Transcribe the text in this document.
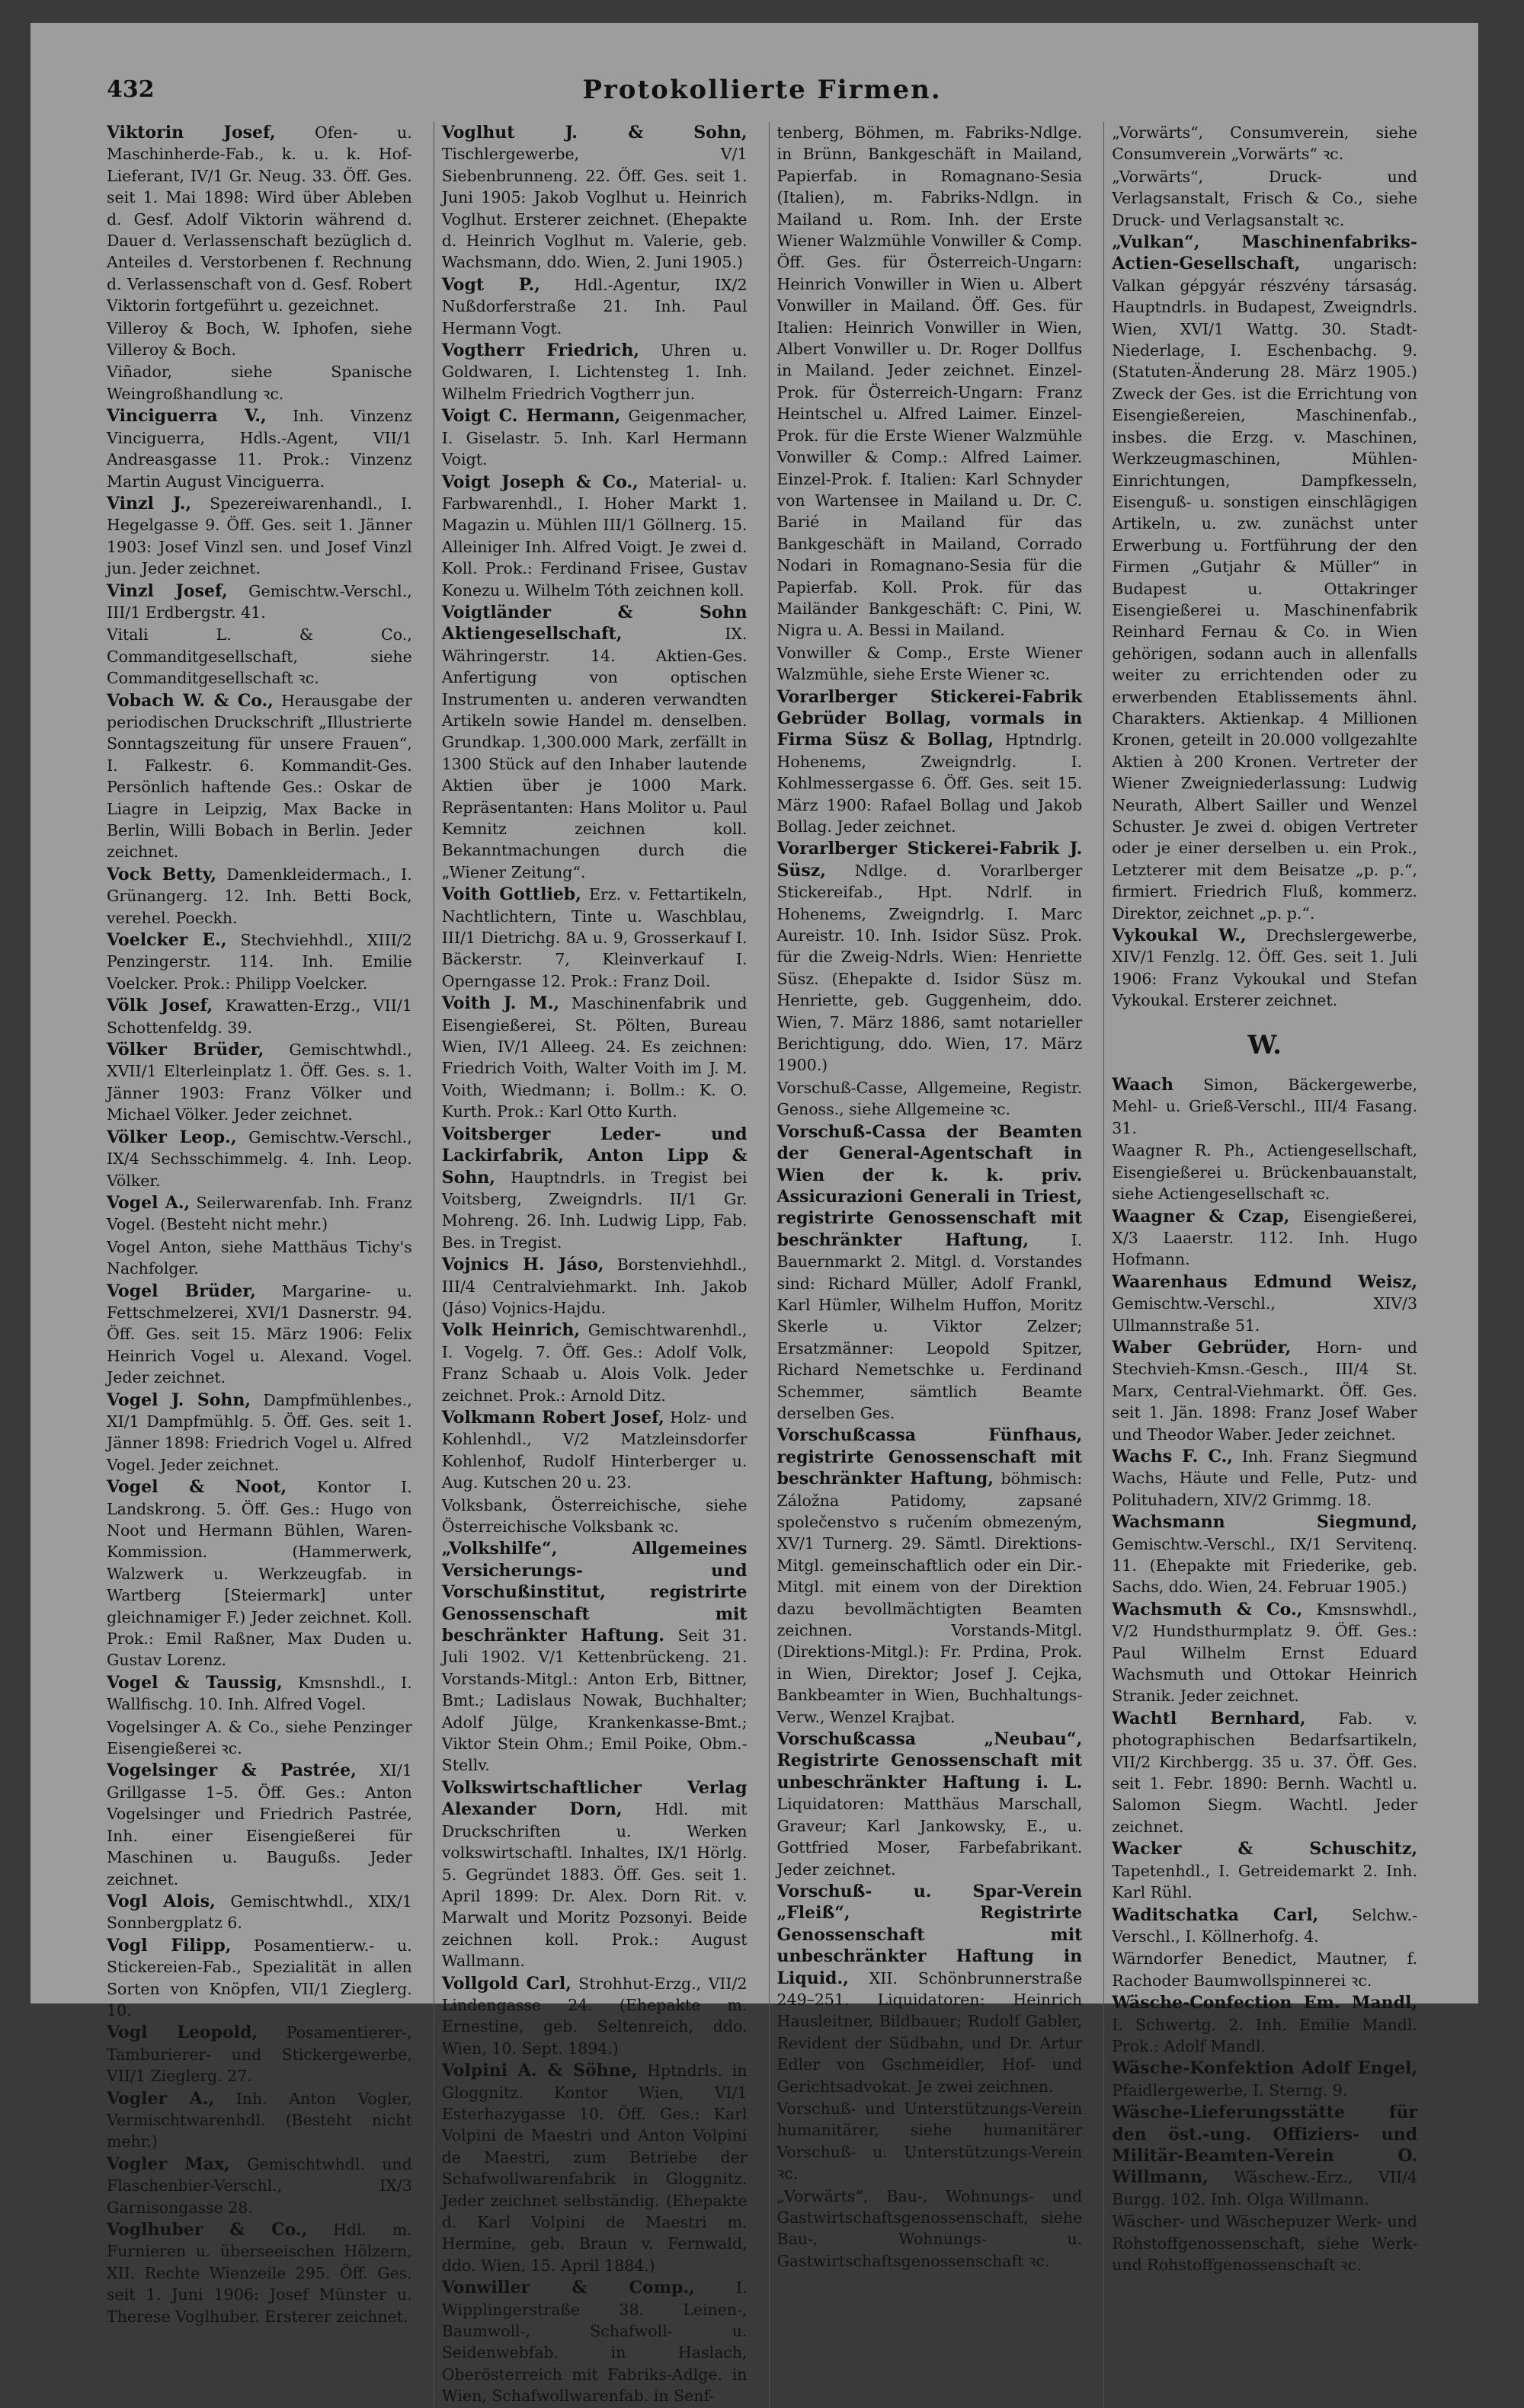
432	Protokollierte Firmen.

Viktorin Josef, Ofen- u. Maschinherde-Fab., k. u. k. Hof-Lieferant, IV/1 Gr. Neug. 33. Öff. Ges. seit 1. Mai 1898: Wird über Ableben d. Gesf. Adolf Viktorin während d. Dauer d. Verlassenschaft bezüglich d. Anteiles d. Verstorbenen f. Rechnung d. Verlassenschaft von d. Gesf. Robert Viktorin fortgeführt u. gezeichnet.

Villeroy & Boch, W. Iphofen, siehe Villeroy & Boch.

Viñador, siehe Spanische Weingroßhandlung ꝛc.

Vinciguerra V., Inh. Vinzenz Vinciguerra, Hdls.-Agent, VII/1 Andreasgasse 11. Prok.: Vinzenz Martin August Vinciguerra.

Vinzl J., Spezereiwarenhandl., I. Hegelgasse 9. Öff. Ges. seit 1. Jänner 1903: Josef Vinzl sen. und Josef Vinzl jun. Jeder zeichnet.

Vinzl Josef, Gemischtw.-Verschl., III/1 Erdbergstr. 41.

Vitali L. & Co., Commanditgesellschaft, siehe Commanditgesellschaft ꝛc.

Vobach W. & Co., Herausgabe der periodischen Druckschrift „Illustrierte Sonntagszeitung für unsere Frauen“, I. Falkestr. 6. Kommandit-Ges. Persönlich haftende Ges.: Oskar de Liagre in Leipzig, Max Backe in Berlin, Willi Bobach in Berlin. Jeder zeichnet.

Vock Betty, Damenkleidermach., I. Grünangerg. 12. Inh. Betti Bock, verehel. Poeckh.

Voelcker E., Stechviehhdl., XIII/2 Penzingerstr. 114. Inh. Emilie Voelcker. Prok.: Philipp Voelcker.

Völk Josef, Krawatten-Erzg., VII/1 Schottenfeldg. 39.

Völker Brüder, Gemischtwhdl., XVII/1 Elterleinplatz 1. Öff. Ges. s. 1. Jänner 1903: Franz Völker und Michael Völker. Jeder zeichnet.

Völker Leop., Gemischtw.-Verschl., IX/4 Sechsschimmelg. 4. Inh. Leop. Völker.

Vogel A., Seilerwarenfab. Inh. Franz Vogel. (Besteht nicht mehr.)

Vogel Anton, siehe Matthäus Tichy's Nachfolger.

Vogel Brüder, Margarine- u. Fettschmelzerei, XVI/1 Dasnerstr. 94. Öff. Ges. seit 15. März 1906: Felix Heinrich Vogel u. Alexand. Vogel. Jeder zeichnet.

Vogel J. Sohn, Dampfmühlenbes., XI/1 Dampfmühlg. 5. Öff. Ges. seit 1. Jänner 1898: Friedrich Vogel u. Alfred Vogel. Jeder zeichnet.

Vogel & Noot, Kontor I. Landskrong. 5. Öff. Ges.: Hugo von Noot und Hermann Bühlen, Waren-Kommission. (Hammerwerk, Walzwerk u. Werkzeugfab. in Wartberg [Steiermark] unter gleichnamiger F.) Jeder zeichnet. Koll. Prok.: Emil Raßner, Max Duden u. Gustav Lorenz.

Vogel & Taussig, Kmsnshdl., I. Wallfischg. 10. Inh. Alfred Vogel.

Vogelsinger A. & Co., siehe Penzinger Eisengießerei ꝛc.

Vogelsinger & Pastrée, XI/1 Grillgasse 1–5. Öff. Ges.: Anton Vogelsinger und Friedrich Pastrée, Inh. einer Eisengießerei für Maschinen u. Baugußs. Jeder zeichnet.

Vogl Alois, Gemischtwhdl., XIX/1 Sonnbergplatz 6.

Vogl Filipp, Posamentierw.- u. Stickereien-Fab., Spezialität in allen Sorten von Knöpfen, VII/1 Zieglerg. 10.

Vogl Leopold, Posamentierer-, Tamburierer- und Stickergewerbe, VII/1 Zieglerg. 27.

Vogler A., Inh. Anton Vogler, Vermischtwarenhdl. (Besteht nicht mehr.)

Vogler Max, Gemischtwhdl. und Flaschenbier-Verschl., IX/3 Garnisongasse 28.

Voglhuber & Co., Hdl. m. Furnieren u. überseeischen Hölzern, XII. Rechte Wienzeile 295. Öff. Ges. seit 1. Juni 1906: Josef Münster u. Therese Voglhuber. Ersterer zeichnet.

Voglhut J. & Sohn, Tischlergewerbe, V/1 Siebenbrunneng. 22. Öff. Ges. seit 1. Juni 1905: Jakob Voglhut u. Heinrich Voglhut. Ersterer zeichnet. (Ehepakte d. Heinrich Voglhut m. Valerie, geb. Wachsmann, ddo. Wien, 2. Juni 1905.)

Vogt P., Hdl.-Agentur, IX/2 Nußdorferstraße 21. Inh. Paul Hermann Vogt.

Vogtherr Friedrich, Uhren u. Goldwaren, I. Lichtensteg 1. Inh. Wilhelm Friedrich Vogtherr jun.

Voigt C. Hermann, Geigenmacher, I. Giselastr. 5. Inh. Karl Hermann Voigt.

Voigt Joseph & Co., Material- u. Farbwarenhdl., I. Hoher Markt 1. Magazin u. Mühlen III/1 Göllnerg. 15. Alleiniger Inh. Alfred Voigt. Je zwei d. Koll. Prok.: Ferdinand Frisee, Gustav Konezu u. Wilhelm Tóth zeichnen koll.

Voigtländer & Sohn Aktiengesellschaft, IX. Währingerstr. 14. Aktien-Ges. Anfertigung von optischen Instrumenten u. anderen verwandten Artikeln sowie Handel m. denselben. Grundkap. 1,300.000 Mark, zerfällt in 1300 Stück auf den Inhaber lautende Aktien über je 1000 Mark. Repräsentanten: Hans Molitor u. Paul Kemnitz zeichnen koll. Bekanntmachungen durch die „Wiener Zeitung“.

Voith Gottlieb, Erz. v. Fettartikeln, Nachtlichtern, Tinte u. Waschblau, III/1 Dietrichg. 8A u. 9, Grosserkauf I. Bäckerstr. 7, Kleinverkauf I. Operngasse 12. Prok.: Franz Doil.

Voith J. M., Maschinenfabrik und Eisengießerei, St. Pölten, Bureau Wien, IV/1 Alleeg. 24. Es zeichnen: Friedrich Voith, Walter Voith im J. M. Voith, Wiedmann; i. Bollm.: K. O. Kurth. Prok.: Karl Otto Kurth.

Voitsberger Leder- und Lackirfabrik, Anton Lipp & Sohn, Hauptndrls. in Tregist bei Voitsberg, Zweigndrls. II/1 Gr. Mohreng. 26. Inh. Ludwig Lipp, Fab. Bes. in Tregist.

Vojnics H. Jáso, Borstenviehhdl., III/4 Centralviehmarkt. Inh. Jakob (Jáso) Vojnics-Hajdu.

Volk Heinrich, Gemischtwarenhdl., I. Vogelg. 7. Öff. Ges.: Adolf Volk, Franz Schaab u. Alois Volk. Jeder zeichnet. Prok.: Arnold Ditz.

Volkmann Robert Josef, Holz- und Kohlenhdl., V/2 Matzleinsdorfer Kohlenhof, Rudolf Hinterberger u. Aug. Kutschen 20 u. 23.

Volksbank, Österreichische, siehe Österreichische Volksbank ꝛc.

„Volkshilfe“, Allgemeines Versicherungs- und Vorschußinstitut, registrirte Genossenschaft mit beschränkter Haftung. Seit 31. Juli 1902. V/1 Kettenbrückeng. 21. Vorstands-Mitgl.: Anton Erb, Bittner, Bmt.; Ladislaus Nowak, Buchhalter; Adolf Jülge, Krankenkasse-Bmt.; Viktor Stein Ohm.; Emil Poike, Obm.-Stellv.

Volkswirtschaftlicher Verlag Alexander Dorn, Hdl. mit Druckschriften u. Werken volkswirtschaftl. Inhaltes, IX/1 Hörlg. 5. Gegründet 1883. Öff. Ges. seit 1. April 1899: Dr. Alex. Dorn Rit. v. Marwalt und Moritz Pozsonyi. Beide zeichnen koll. Prok.: August Wallmann.

Vollgold Carl, Strohhut-Erzg., VII/2 Lindengasse 24. (Ehepakte m. Ernestine, geb. Seltenreich, ddo. Wien, 10. Sept. 1894.)

Volpini A. & Söhne, Hptndrls. in Gloggnitz. Kontor Wien, VI/1 Esterhazygasse 10. Öff. Ges.: Karl Volpini de Maestri und Anton Volpini de Maestri, zum Betriebe der Schafwollwarenfabrik in Gloggnitz. Jeder zeichnet selbständig. (Ehepakte d. Karl Volpini de Maestri m. Hermine, geb. Braun v. Fernwald, ddo. Wien, 15. April 1884.)

Vonwiller & Comp., I. Wipplingerstraße 38. Leinen-, Baumwoll-, Schafwoll- u. Seidenwebfab. in Haslach, Oberösterreich mit Fabriks-Adlge. in Wien, Schafwollwarenfab. in Senf-

tenberg, Böhmen, m. Fabriks-Ndlge. in Brünn, Bankgeschäft in Mailand, Papierfab. in Romagnano-Sesia (Italien), m. Fabriks-Ndlgn. in Mailand u. Rom. Inh. der Erste Wiener Walzmühle Vonwiller & Comp. Öff. Ges. für Österreich-Ungarn: Heinrich Vonwiller in Wien u. Albert Vonwiller in Mailand. Öff. Ges. für Italien: Heinrich Vonwiller in Wien, Albert Vonwiller u. Dr. Roger Dollfus in Mailand. Jeder zeichnet. Einzel-Prok. für Österreich-Ungarn: Franz Heintschel u. Alfred Laimer. Einzel-Prok. für die Erste Wiener Walzmühle Vonwiller & Comp.: Alfred Laimer. Einzel-Prok. f. Italien: Karl Schnyder von Wartensee in Mailand u. Dr. C. Barié in Mailand für das Bankgeschäft in Mailand, Corrado Nodari in Romagnano-Sesia für die Papierfab. Koll. Prok. für das Mailänder Bankgeschäft: C. Pini, W. Nigra u. A. Bessi in Mailand.

Vonwiller & Comp., Erste Wiener Walzmühle, siehe Erste Wiener ꝛc.

Vorarlberger Stickerei-Fabrik Gebrüder Bollag, vormals in Firma Süsz & Bollag, Hptndrlg. Hohenems, Zweigndrlg. I. Kohlmessergasse 6. Öff. Ges. seit 15. März 1900: Rafael Bollag und Jakob Bollag. Jeder zeichnet.

Vorarlberger Stickerei-Fabrik J. Süsz, Ndlge. d. Vorarlberger Stickereifab., Hpt. Ndrlf. in Hohenems, Zweigndrlg. I. Marc Aureistr. 10. Inh. Isidor Süsz. Prok. für die Zweig-Ndrls. Wien: Henriette Süsz. (Ehepakte d. Isidor Süsz m. Henriette, geb. Guggenheim, ddo. Wien, 7. März 1886, samt notarieller Berichtigung, ddo. Wien, 17. März 1900.)

Vorschuß-Casse, Allgemeine, Registr. Genoss., siehe Allgemeine ꝛc.

Vorschuß-Cassa der Beamten der General-Agentschaft in Wien der k. k. priv. Assicurazioni Generali in Triest, registrirte Genossenschaft mit beschränkter Haftung, I. Bauernmarkt 2. Mitgl. d. Vorstandes sind: Richard Müller, Adolf Frankl, Karl Hümler, Wilhelm Huffon, Moritz Skerle u. Viktor Zelzer; Ersatzmänner: Leopold Spitzer, Richard Nemetschke u. Ferdinand Schemmer, sämtlich Beamte derselben Ges.

Vorschußcassa Fünfhaus, registrirte Genossenschaft mit beschränkter Haftung, böhmisch: Záložna Patidomy, zapsané společenstvo s ručením obmezeným, XV/1 Turnerg. 29. Sämtl. Direktions-Mitgl. gemeinschaftlich oder ein Dir.-Mitgl. mit einem von der Direktion dazu bevollmächtigten Beamten zeichnen. Vorstands-Mitgl. (Direktions-Mitgl.): Fr. Prdina, Prok. in Wien, Direktor; Josef J. Cejka, Bankbeamter in Wien, Buchhaltungs-Verw., Wenzel Krajbat.

Vorschußcassa „Neubau“, Registrirte Genossenschaft mit unbeschränkter Haftung i. L. Liquidatoren: Matthäus Marschall, Graveur; Karl Jankowsky, E., u. Gottfried Moser, Farbefabrikant. Jeder zeichnet.

Vorschuß- u. Spar-Verein „Fleiß“, Registrirte Genossenschaft mit unbeschränkter Haftung in Liquid., XII. Schönbrunnerstraße 249–251. Liquidatoren: Heinrich Hausleitner, Bildbauer; Rudolf Gabler, Revident der Südbahn, und Dr. Artur Edler von Gschmeidler, Hof- und Gerichtsadvokat. Je zwei zeichnen.

Vorschuß- und Unterstützungs-Verein humanitärer, siehe humanitärer Vorschuß- u. Unterstützungs-Verein ꝛc.

„Vorwärts“, Bau-, Wohnungs- und Gastwirtschaftsgenossenschaft, siehe Bau-, Wohnungs- u. Gastwirtschaftsgenossenschaft ꝛc.

„Vorwärts“, Consumverein, siehe Consumverein „Vorwärts“ ꝛc.

„Vorwärts“, Druck- und Verlagsanstalt, Frisch & Co., siehe Druck- und Verlagsanstalt ꝛc.

„Vulkan“, Maschinenfabriks-Actien-Gesellschaft, ungarisch: Valkan gépgyár részvény társaság. Hauptndrls. in Budapest, Zweigndrls. Wien, XVI/1 Wattg. 30. Stadt-Niederlage, I. Eschenbachg. 9. (Statuten-Änderung 28. März 1905.) Zweck der Ges. ist die Errichtung von Eisengießereien, Maschinenfab., insbes. die Erzg. v. Maschinen, Werkzeugmaschinen, Mühlen-Einrichtungen, Dampfkesseln, Eisenguß- u. sonstigen einschlägigen Artikeln, u. zw. zunächst unter Erwerbung u. Fortführung der den Firmen „Gutjahr & Müller“ in Budapest u. Ottakringer Eisengießerei u. Maschinenfabrik Reinhard Fernau & Co. in Wien gehörigen, sodann auch in allenfalls weiter zu errichtenden oder zu erwerbenden Etablissements ähnl. Charakters. Aktienkap. 4 Millionen Kronen, geteilt in 20.000 vollgezahlte Aktien à 200 Kronen. Vertreter der Wiener Zweigniederlassung: Ludwig Neurath, Albert Sailler und Wenzel Schuster. Je zwei d. obigen Vertreter oder je einer derselben u. ein Prok., Letzterer mit dem Beisatze „p. p.“, firmiert. Friedrich Fluß, kommerz. Direktor, zeichnet „p. p.“.

Vykoukal W., Drechslergewerbe, XIV/1 Fenzlg. 12. Öff. Ges. seit 1. Juli 1906: Franz Vykoukal und Stefan Vykoukal. Ersterer zeichnet.

W.

Waach Simon, Bäckergewerbe, Mehl- u. Grieß-Verschl., III/4 Fasang. 31.

Waagner R. Ph., Actiengesellschaft, Eisengießerei u. Brückenbauanstalt, siehe Actiengesellschaft ꝛc.

Waagner & Czap, Eisengießerei, X/3 Laaerstr. 112. Inh. Hugo Hofmann.

Waarenhaus Edmund Weisz, Gemischtw.-Verschl., XIV/3 Ullmannstraße 51.

Waber Gebrüder, Horn- und Stechvieh-Kmsn.-Gesch., III/4 St. Marx, Central-Viehmarkt. Öff. Ges. seit 1. Jän. 1898: Franz Josef Waber und Theodor Waber. Jeder zeichnet.

Wachs F. C., Inh. Franz Siegmund Wachs, Häute und Felle, Putz- und Polituhadern, XIV/2 Grimmg. 18.

Wachsmann Siegmund, Gemischtw.-Verschl., IX/1 Servitenq. 11. (Ehepakte mit Friederike, geb. Sachs, ddo. Wien, 24. Februar 1905.)

Wachsmuth & Co., Kmsnswhdl., V/2 Hundsthurmplatz 9. Öff. Ges.: Paul Wilhelm Ernst Eduard Wachsmuth und Ottokar Heinrich Stranik. Jeder zeichnet.

Wachtl Bernhard, Fab. v. photographischen Bedarfsartikeln, VII/2 Kirchbergg. 35 u. 37. Öff. Ges. seit 1. Febr. 1890: Bernh. Wachtl u. Salomon Siegm. Wachtl. Jeder zeichnet.

Wacker & Schuschitz, Tapetenhdl., I. Getreidemarkt 2. Inh. Karl Rühl.

Waditschatka Carl, Selchw.-Verschl., I. Köllnerhofg. 4.

Wärndorfer Benedict, Mautner, f. Rachoder Baumwollspinnerei ꝛc.

Wäsche-Confection Em. Mandl, I. Schwertg. 2. Inh. Emilie Mandl. Prok.: Adolf Mandl.

Wäsche-Konfektion Adolf Engel, Pfaidlergewerbe, I. Sterng. 9.

Wäsche-Lieferungsstätte für den öst.-ung. Offiziers- und Militär-Beamten-Verein O. Willmann, Wäschew.-Erz., VII/4 Burgg. 102. Inh. Olga Willmann.

Wäscher- und Wäschepuzer Werk- und Rohstoffgenossenschaft, siehe Werk- und Rohstoffgenossenschaft ꝛc.
